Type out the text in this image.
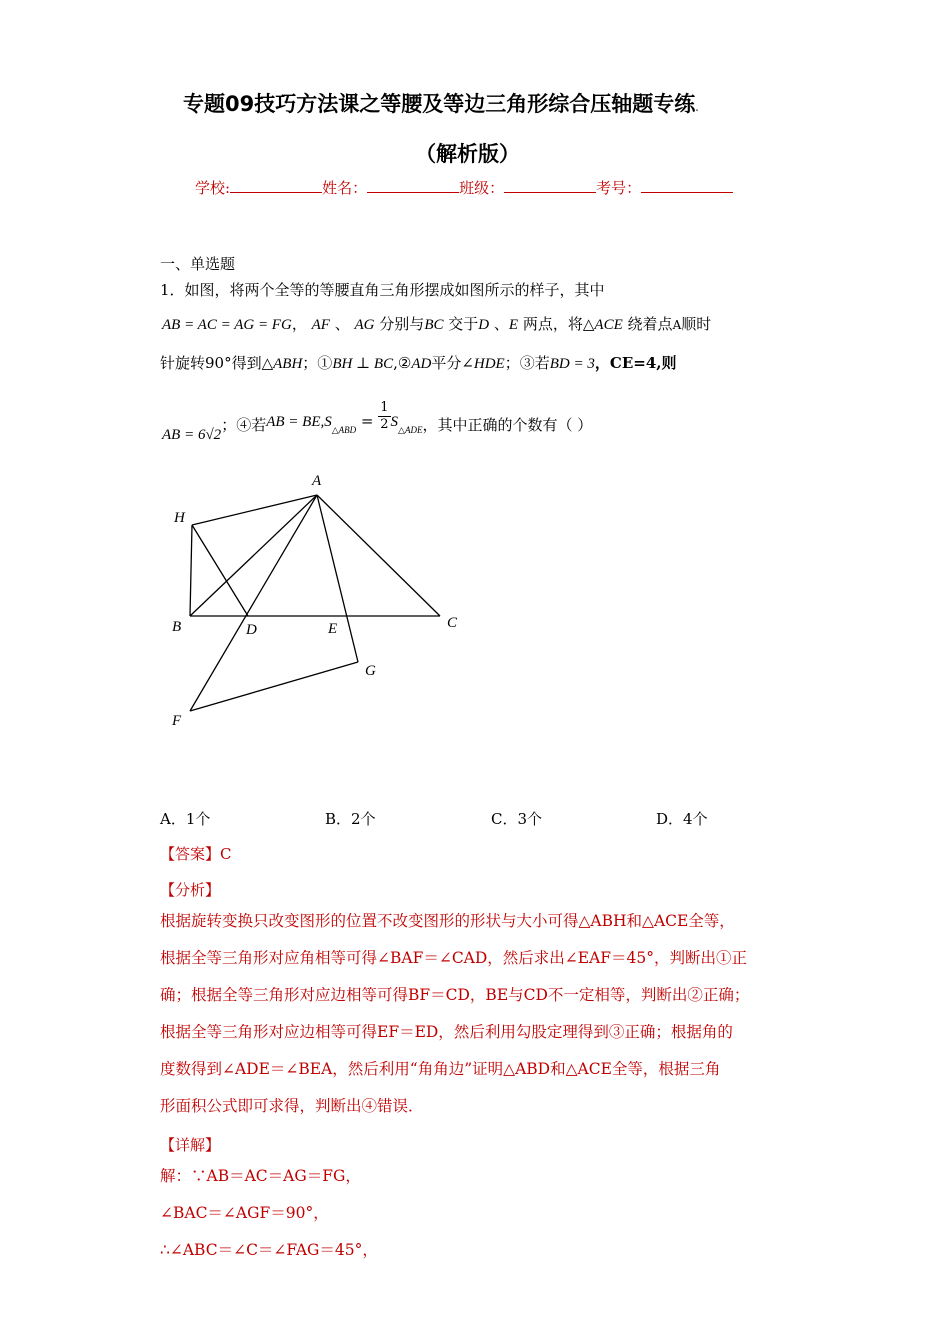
专题09技巧方法课之等腰及等边三角形综合压轴题专练.
（解析版）
学校:	姓名：	班级：	考号：
一、单选题
1．如图，将两个全等的等腰直角三角形摆成如图所示的样子，其中
AB = AC = AG = FG， AF 、 AG 分别与BC 交于D 、E 两点，将△ACE 绕着点A顺时
针旋转90°得到△ABH；①BH ⊥ BC,②AD平分∠HDE；③若BD = 3，CE=4,则
AB = 6√2；④若AB = $BE,S_{\triangle ABD} = \frac{1}{2} S_{\triangle ADE}$，其中正确的个数有（ ）
A
H
B	D	E	C
G
F
A．1个	B．2个	C．3个	D．4个
【答案】C
【分析】
根据旋转变换只改变图形的位置不改变图形的形状与大小可得△ABH和△ACE全等，
根据全等三角形对应角相等可得∠BAF＝∠CAD，然后求出∠EAF＝45°，判断出①正
确；根据全等三角形对应边相等可得BF＝CD，BE与CD不一定相等，判断出②正确；
根据全等三角形对应边相等可得EF＝ED，然后利用勾股定理得到③正确；根据角的
度数得到∠ADE＝∠BEA，然后利用“角角边”证明△ABD和△ACE全等，根据三角
形面积公式即可求得，判断出④错误．
【详解】
解：∵AB＝AC＝AG＝FG，
∠BAC＝∠AGF＝90°，
∴∠ABC＝∠C＝∠FAG＝45°，
